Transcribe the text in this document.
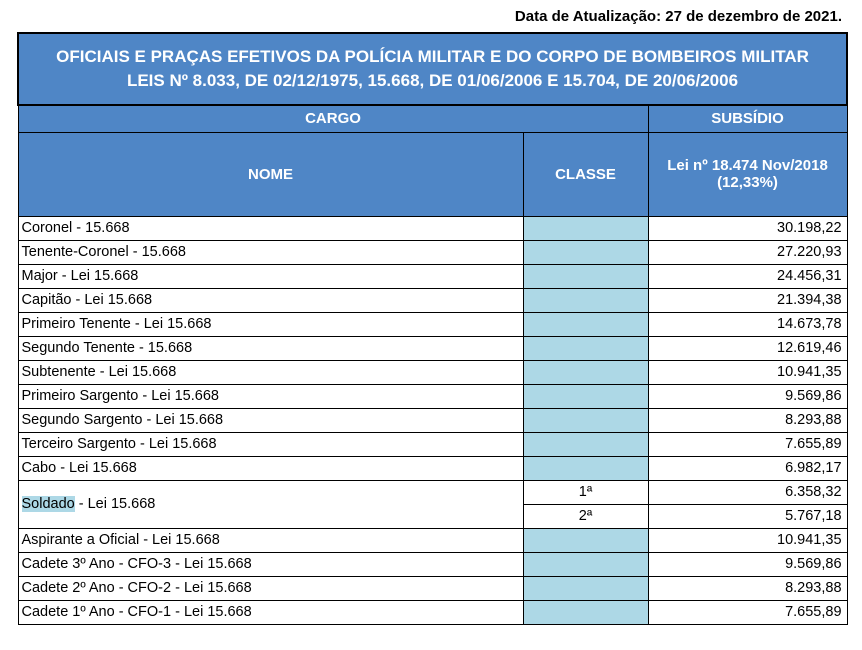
Data de Atualização: 27 de dezembro de 2021.
OFICIAIS E PRAÇAS EFETIVOS DA POLÍCIA MILITAR E DO CORPO DE BOMBEIROS MILITAR
LEIS Nº 8.033, DE 02/12/1975, 15.668, DE 01/06/2006 E 15.704, DE 20/06/2006		

CARGO		SUBSÍDIO
NOME	CLASSE	Lei nº 18.474 Nov/2018
(12,33%)

Coronel - 15.668		30.198,22
Tenente-Coronel - 15.668		27.220,93
Major - Lei 15.668		24.456,31
Capitão - Lei 15.668		21.394,38
Primeiro Tenente - Lei 15.668		14.673,78
Segundo Tenente - 15.668		12.619,46
Subtenente - Lei 15.668		10.941,35
Primeiro Sargento - Lei 15.668		9.569,86
Segundo Sargento - Lei 15.668		8.293,88
Terceiro Sargento - Lei 15.668		7.655,89
Cabo - Lei 15.668		6.982,17
Soldado - Lei 15.668	1ª	6.358,32
	2ª	5.767,18
Aspirante a Oficial - Lei 15.668		10.941,35
Cadete 3º Ano - CFO-3 - Lei 15.668		9.569,86
Cadete 2º Ano - CFO-2 - Lei 15.668		8.293,88
Cadete 1º Ano - CFO-1 - Lei 15.668		7.655,89
